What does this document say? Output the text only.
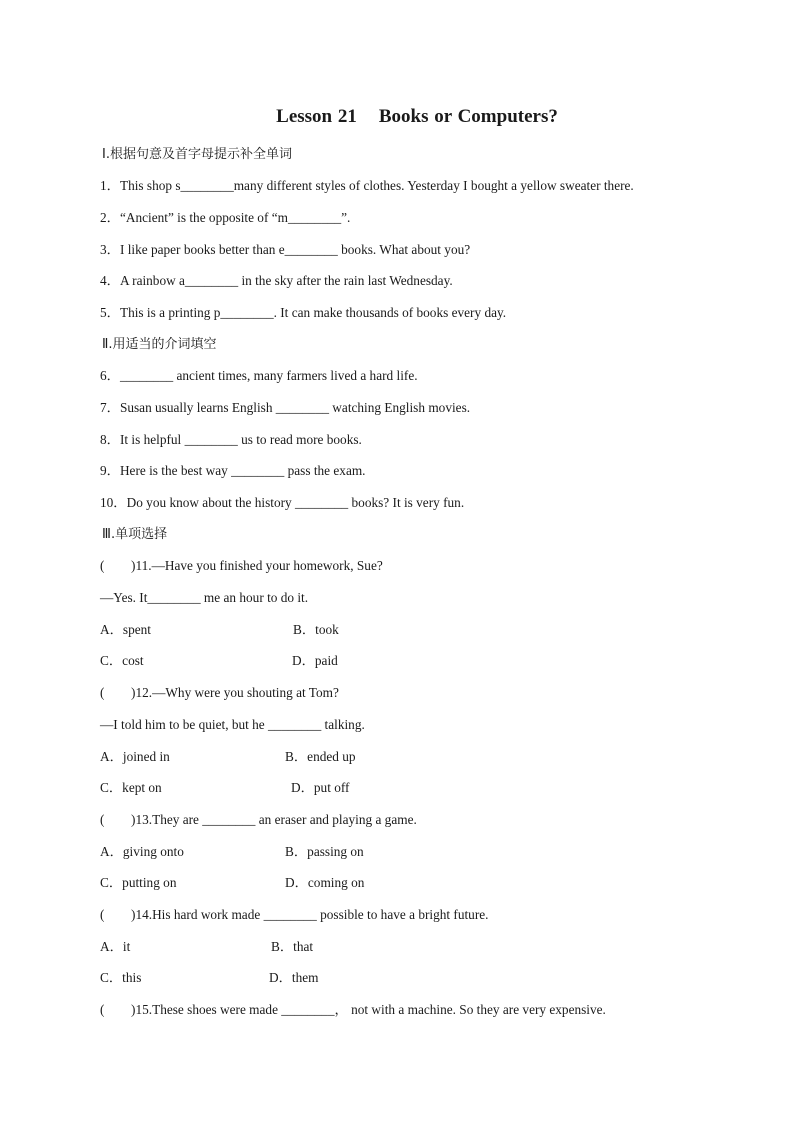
Lesson 21 Books or Computers?
Ⅰ.根据句意及首字母提示补全单词
1．This shop s________many different styles of clothes. Yesterday I bought a yellow sweater there.
2．“Ancient” is the opposite of “m________”.
3．I like paper books better than e________ books. What about you?
4．A rainbow a________ in the sky after the rain last Wednesday.
5．This is a printing p________. It can make thousands of books every day.
Ⅱ.用适当的介词填空
6．________ ancient times, many farmers lived a hard life.
7．Susan usually learns English ________ watching English movies.
8．It is helpful ________ us to read more books.
9．Here is the best way ________ pass the exam.
10．Do you know about the history ________ books? It is very fun.
Ⅲ.单项选择
(　　)11.—Have you finished your homework, Sue?
—Yes. It________ me an hour to do it.
A．spent	B．took
C．cost	D．paid
(　　)12.—Why were you shouting at Tom?
—I told him to be quiet, but he ________ talking.
A．joined in	B．ended up
C．kept on	D．put off
(　　)13.They are ________ an eraser and playing a game.
A．giving onto	B．passing on
C．putting on	D．coming on
(　　)14.His hard work made ________ possible to have a bright future.
A．it	B．that
C．this	D．them
(　　)15.These shoes were made ________， not with a machine. So they are very expensive.
